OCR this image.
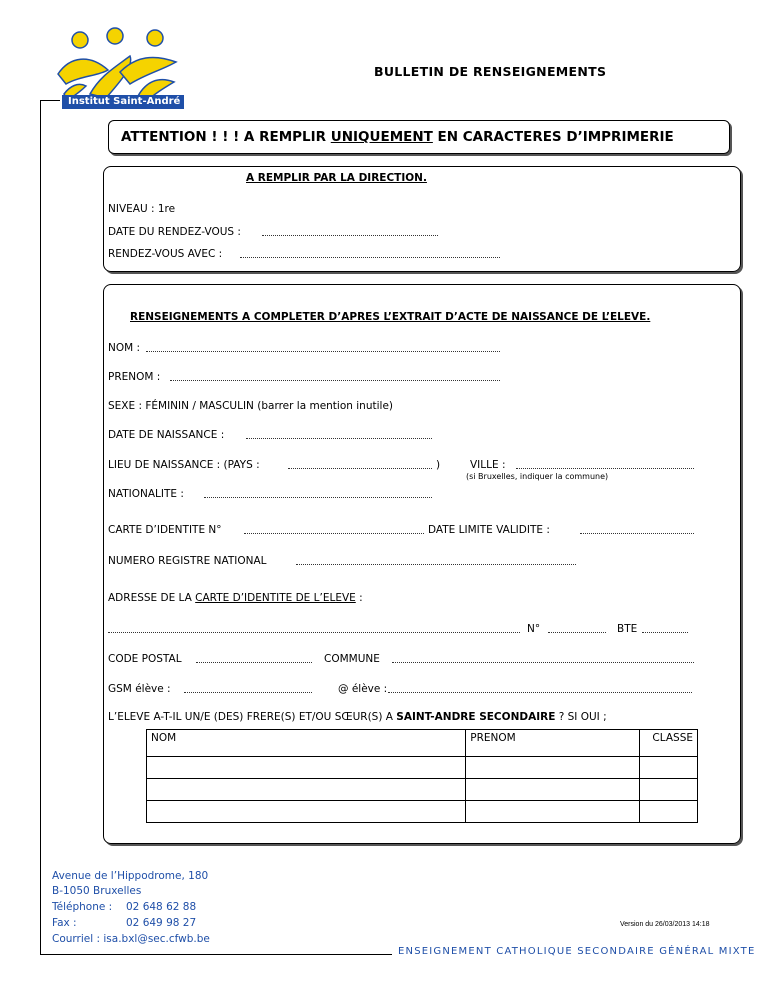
Institut Saint-André
BULLETIN DE RENSEIGNEMENTS
ATTENTION ! ! ! A REMPLIR UNIQUEMENT EN CARACTERES D’IMPRIMERIE
A REMPLIR PAR LA DIRECTION.
NIVEAU : 1re
DATE DU RENDEZ-VOUS :
RENDEZ-VOUS AVEC :
RENSEIGNEMENTS A COMPLETER D’APRES L’EXTRAIT D’ACTE DE NAISSANCE DE L’ELEVE.
NOM :
PRENOM :
SEXE : FÉMININ / MASCULIN (barrer la mention inutile)
DATE DE NAISSANCE :
LIEU DE NAISSANCE : (PAYS :	)	VILLE :
(si Bruxelles, indiquer la commune)
NATIONALITE :
CARTE D’IDENTITE N°	DATE LIMITE VALIDITE :
NUMERO REGISTRE NATIONAL
ADRESSE DE LA CARTE D’IDENTITE DE L’ELEVE :
N°	BTE
CODE POSTAL	COMMUNE
GSM élève :	@ élève :
L’ELEVE A-T-IL UN/E (DES) FRERE(S) ET/OU SŒUR(S) A SAINT-ANDRE SECONDAIRE ? SI OUI ;
NOM	PRENOM	CLASSE

Avenue de l’Hippodrome, 180
B-1050 Bruxelles
Téléphone : 02 648 62 88
Fax :	02 649 98 27
Courriel : isa.bxl@sec.cfwb.be
Version du 26/03/2013 14:18
ENSEIGNEMENT CATHOLIQUE SECONDAIRE GÉNÉRAL MIXTE
